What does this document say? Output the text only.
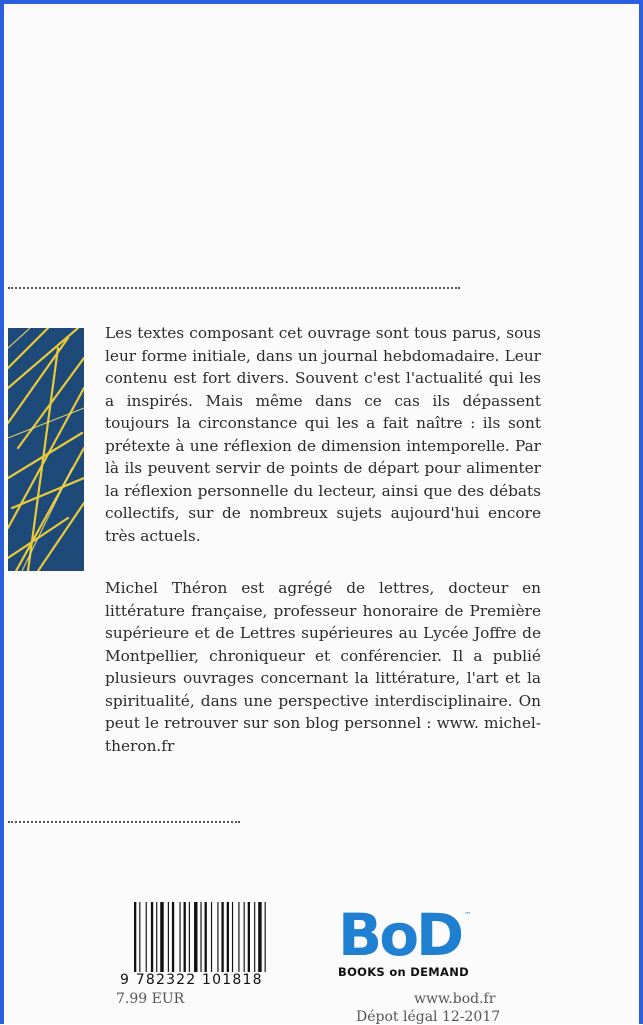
Les textes composant cet ouvrage sont tous parus, sous leur forme initiale, dans un journal hebdomadaire. Leur contenu est fort divers. Souvent c'est l'actualité qui les a inspirés. Mais même dans ce cas ils dépassent toujours la circonstance qui les a fait naître : ils sont prétexte à une réflexion de dimension intemporelle. Par là ils peuvent servir de points de départ pour alimenter la réflexion personnelle du lecteur, ainsi que des débats collectifs, sur de nombreux sujets aujourd'hui encore très actuels.

Michel Théron est agrégé de lettres, docteur en littérature française, professeur honoraire de Première supérieure et de Lettres supérieures au Lycée Joffre de Montpellier, chroniqueur et conférencier. Il a publié plusieurs ouvrages concernant la littérature, l'art et la spiritualité, dans une perspective interdisciplinaire. On peut le retrouver sur son blog personnel : www. michel-theron.fr

9 782322 101818
7.99 EUR
BoD ™
BOOKS on DEMAND
www.bod.fr
Dépot légal 12-2017
